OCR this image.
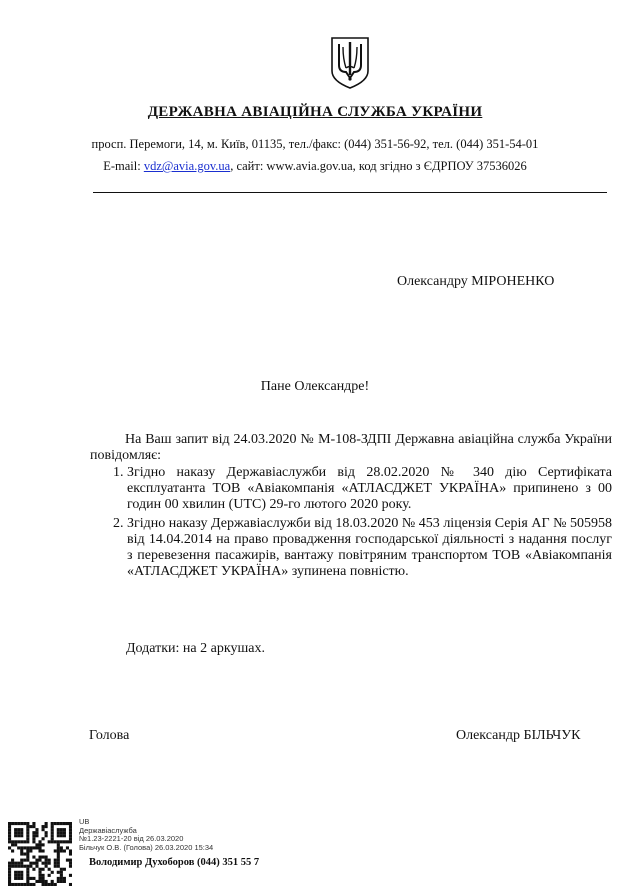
ДЕРЖАВНА АВІАЦІЙНА СЛУЖБА УКРАЇНИ
просп. Перемоги, 14, м. Київ, 01135, тел./факс: (044) 351-56-92, тел. (044) 351-54-01
E-mail: vdz@avia.gov.ua, сайт: www.avia.gov.ua, код згідно з ЄДРПОУ 37536026
Олександру МІРОНЕНКО
Пане Олександре!

На Ваш запит від 24.03.2020 № М-108-ЗДПІ Державна авіаційна служба України повідомляє:

1. Згідно наказу Державіаслужби від 28.02.2020 № 340 дію Сертифіката експлуатанта ТОВ «Авіакомпанія «АТЛАСДЖЕТ УКРАЇНА» припинено з 00 годин 00 хвилин (UTC) 29-го лютого 2020 року.
2. Згідно наказу Державіаслужби від 18.03.2020 № 453 ліцензія Серія АГ № 505958 від 14.04.2014 на право провадження господарської діяльності з надання послуг з перевезення пасажирів, вантажу повітряним транспортом ТОВ «Авіакомпанія «АТЛАСДЖЕТ УКРАЇНА» зупинена повністю.
Додатки: на 2 аркушах.
Голова	Олександр БІЛЬЧУК
UB
Державіаслужба
№1.23-2221-20 від 26.03.2020
Більчук О.В. (Голова) 26.03.2020 15:34
Володимир Духоборов (044) 351 55 7
